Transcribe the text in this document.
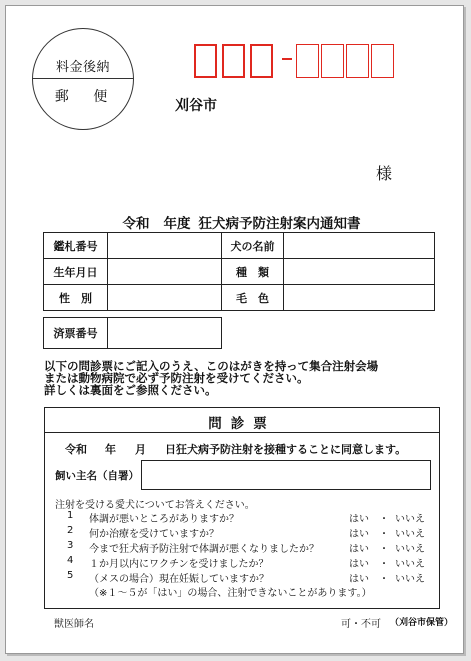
料金後納
郵 便
刈谷市
様
令和 年度 狂犬病予防注射案内通知書
鑑札番号		犬の名前	
生年月日		種　類	
性　別		毛　色	
済票番号	
以下の問診票にご記入のうえ、このはがきを持って集合注射会場
または動物病院で必ず予防注射を受けてください。
詳しくは裏面をご参照ください。
問診票
令和 年 月 日狂犬病予防注射を接種することに同意します。
飼い主名（自署）
注射を受ける愛犬についてお答えください。
1 体調が悪いところがありますか？	はい ・ いいえ
2 何か治療を受けていますか？	はい ・ いいえ
3 今まで狂犬病予防注射で体調が悪くなりましたか？	はい ・ いいえ
4 １か月以内にワクチンを受けましたか？	はい ・ いいえ
5 （メスの場合）現在妊娠していますか？	はい ・ いいえ
（※１～５が「はい」の場合、注射できないことがあります。）
獣医師名	可・不可 （刈谷市保管）
